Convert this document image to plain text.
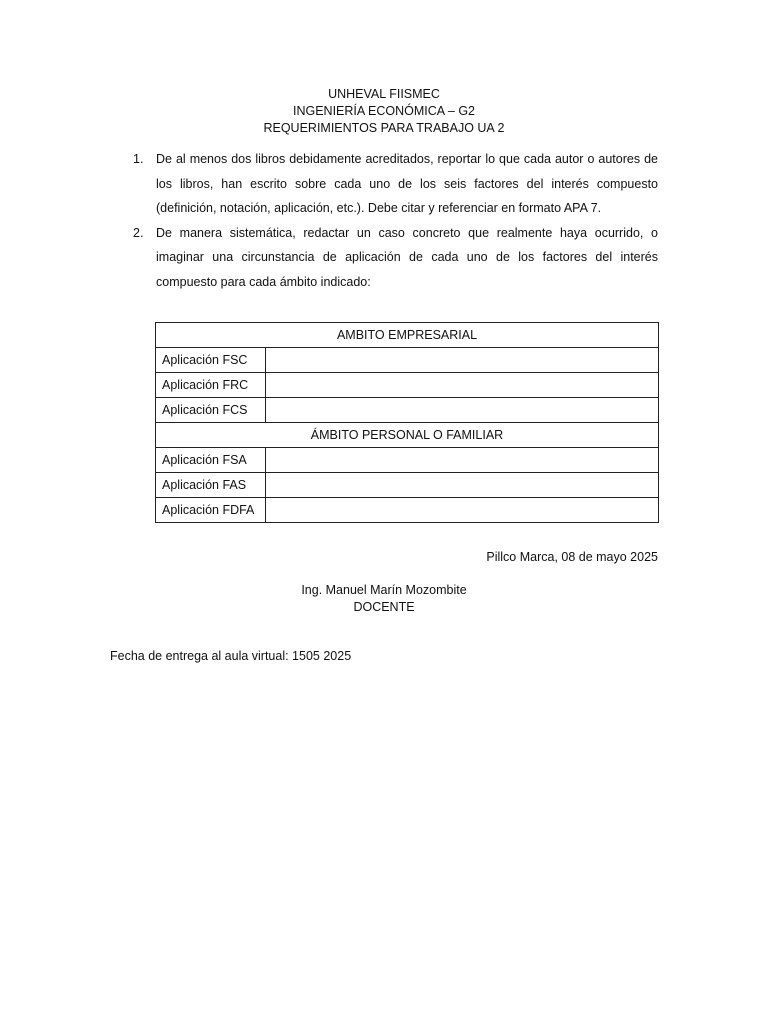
UNHEVAL FIISMEC
INGENIERÍA ECONÓMICA – G2
REQUERIMIENTOS PARA TRABAJO UA 2
1. De al menos dos libros debidamente acreditados, reportar lo que cada autor o autores de los libros, han escrito sobre cada uno de los seis factores del interés compuesto (definición, notación, aplicación, etc.). Debe citar y referenciar en formato APA 7.
2. De manera sistemática, redactar un caso concreto que realmente haya ocurrido, o imaginar una circunstancia de aplicación de cada uno de los factores del interés compuesto para cada ámbito indicado:
AMBITO EMPRESARIAL	
Aplicación FSC	
Aplicación FRC	
Aplicación FCS	
ÁMBITO PERSONAL O FAMILIAR	
Aplicación FSA	
Aplicación FAS	
Aplicación FDFA	
Pillco Marca, 08 de mayo 2025
Ing. Manuel Marín Mozombite
DOCENTE
Fecha de entrega al aula virtual: 1505 2025
